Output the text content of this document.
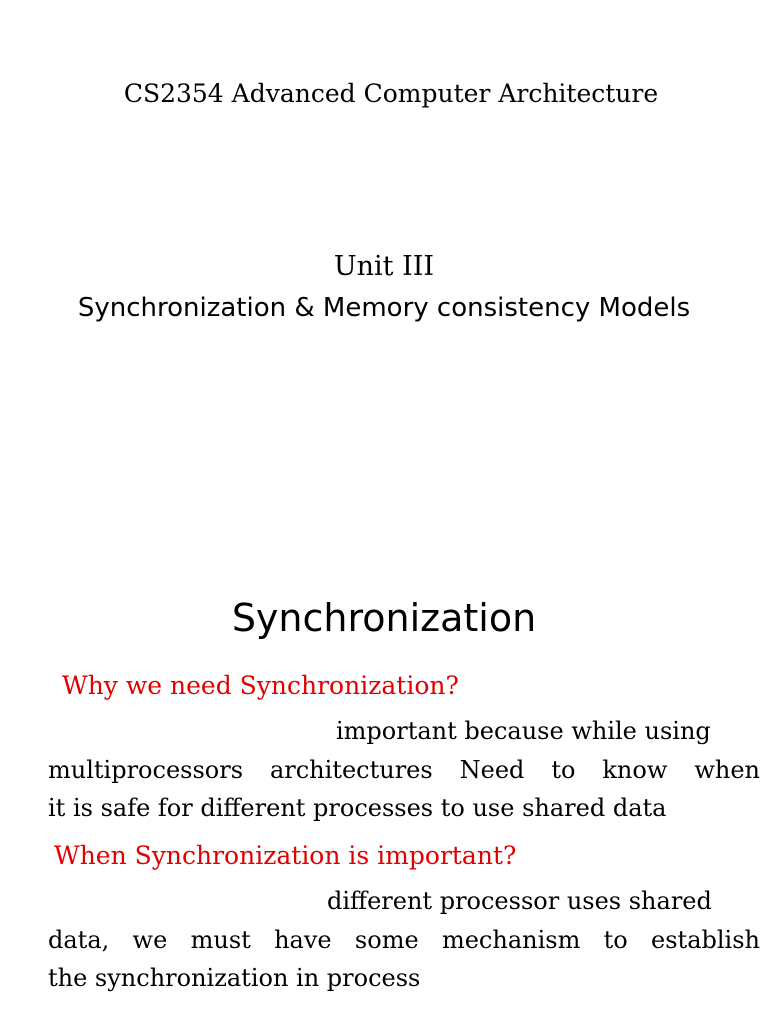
CS2354 Advanced Computer Architecture
Unit III
Synchronization & Memory consistency Models
Synchronization
Why we need Synchronization?
important because while using
multiprocessors architectures Need to know when
it is safe for different processes to use shared data
When Synchronization is important?
different processor uses shared
data, we must have some mechanism to establish
the synchronization in process
